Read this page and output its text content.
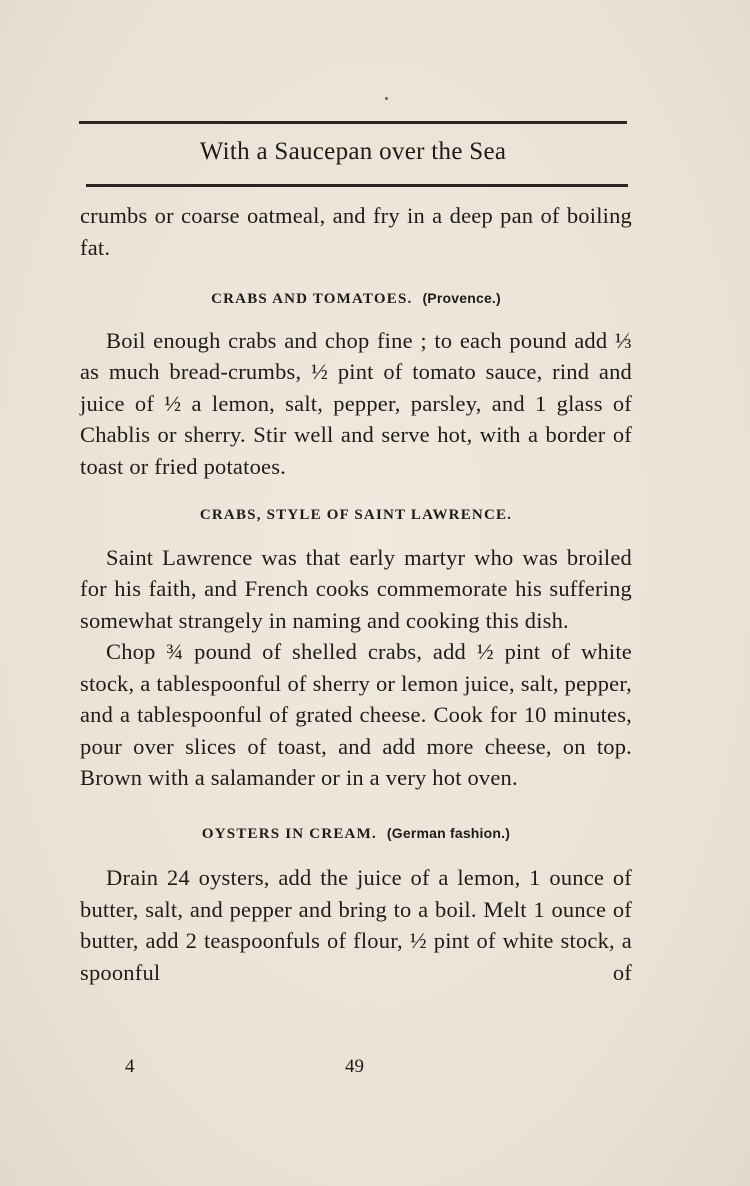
With a Saucepan over the Sea

crumbs or coarse oatmeal, and fry in a deep pan of boiling fat.

CRABS AND TOMATOES. (Provence.)

Boil enough crabs and chop fine ; to each pound add ⅓ as much bread-crumbs, ½ pint of tomato sauce, rind and juice of ½ a lemon, salt, pepper, parsley, and 1 glass of Chablis or sherry. Stir well and serve hot, with a border of toast or fried potatoes.

CRABS, STYLE OF SAINT LAWRENCE.

Saint Lawrence was that early martyr who was broiled for his faith, and French cooks commemorate his suffering somewhat strangely in naming and cooking this dish.

Chop ¾ pound of shelled crabs, add ½ pint of white stock, a tablespoonful of sherry or lemon juice, salt, pepper, and a tablespoonful of grated cheese. Cook for 10 minutes, pour over slices of toast, and add more cheese, on top. Brown with a salamander or in a very hot oven.

OYSTERS IN CREAM. (German fashion.)

Drain 24 oysters, add the juice of a lemon, 1 ounce of butter, salt, and pepper and bring to a boil. Melt 1 ounce of butter, add 2 teaspoonfuls of flour, ½ pint of white stock, a spoonful of

4	49
